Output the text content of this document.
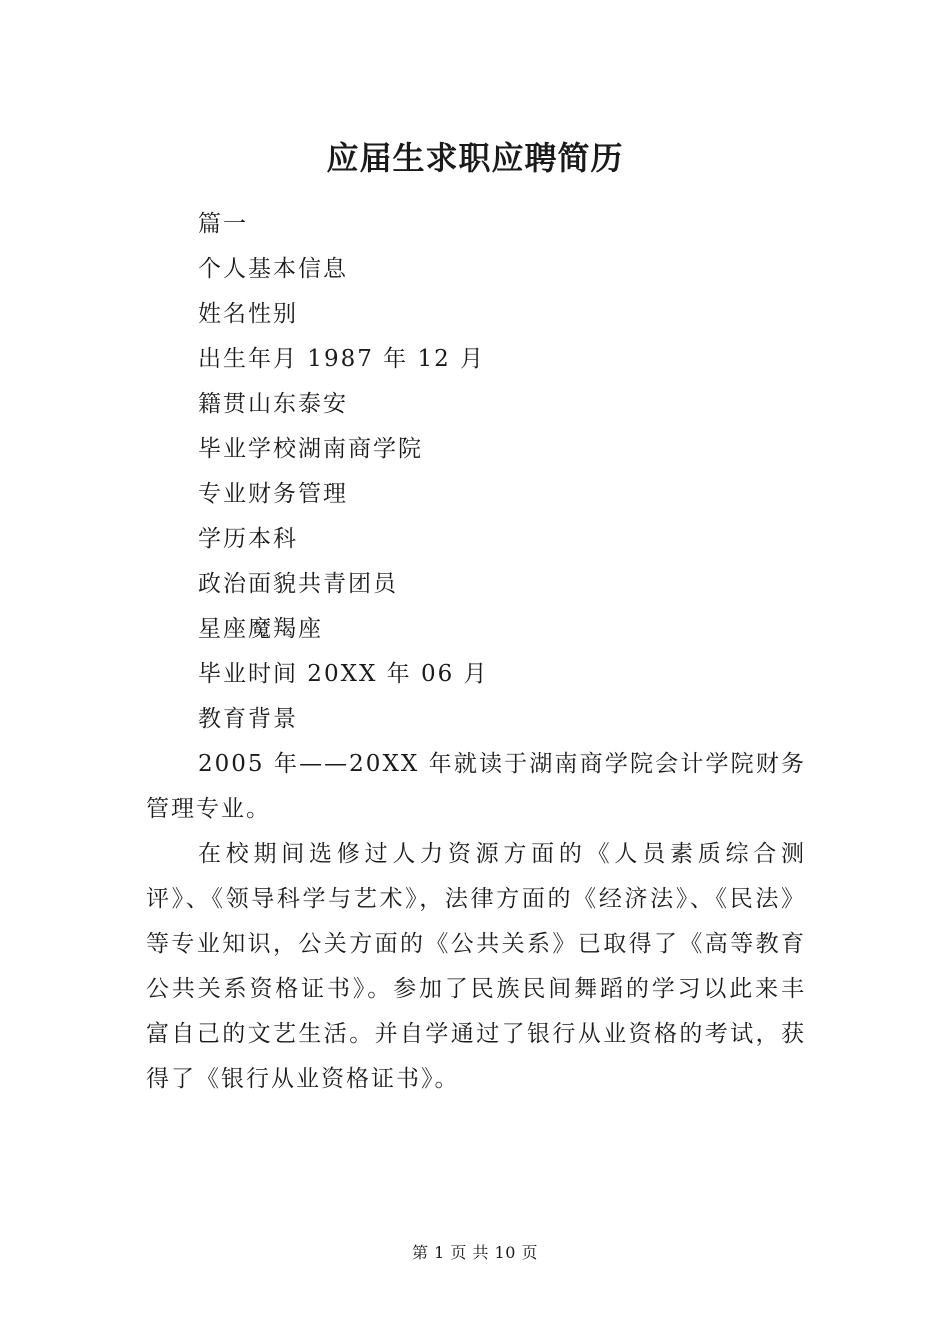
应届生求职应聘简历

篇一

个人基本信息

姓名性别

出生年月 1987 年 12 月

籍贯山东泰安

毕业学校湖南商学院

专业财务管理

学历本科

政治面貌共青团员

星座魔羯座

毕业时间 20XX 年 06 月

教育背景

2005 年——20XX 年就读于湖南商学院会计学院财务管理专业。

在校期间选修过人力资源方面的《人员素质综合测评》、《领导科学与艺术》，法律方面的《经济法》、《民法》等专业知识，公关方面的《公共关系》已取得了《高等教育公共关系资格证书》。参加了民族民间舞蹈的学习以此来丰富自己的文艺生活。并自学通过了银行从业资格的考试，获得了《银行从业资格证书》。

第 1 页 共 10 页
